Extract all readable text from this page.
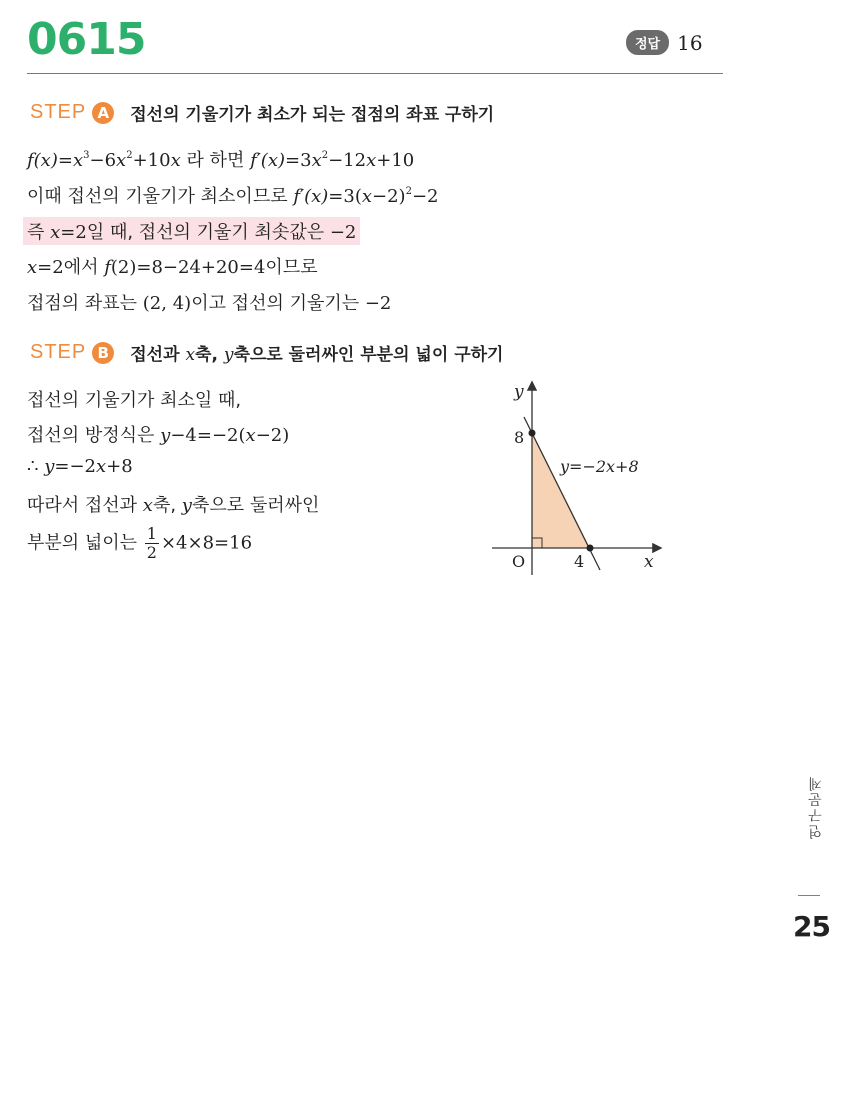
0615	정답 16
STEP A	접선의 기울기가 최소가 되는 접점의 좌표 구하기
$f(x)=x^3-6x^2+10x$ 라 하면 $f'(x)=3x^2-12x+10$
이때 접선의 기울기가 최소이므로 $f'(x)=3(x-2)^2-2$
즉 x=2일 때, 접선의 기울기 최솟값은 −2
x=2에서 f(2)=8−24+20=4이므로
접점의 좌표는 (2, 4)이고 접선의 기울기는 −2
STEP B	접선과 x축, y축으로 둘러싸인 부분의 넓이 구하기
접선의 기울기가 최소일 때,
접선의 방정식은 y−4=−2(x−2)
∴ y=−2x+8
따라서 접선과 x축, y축으로 둘러싸인
부분의 넓이는 $\frac{1}{2} \times 4\times 8=16$
y
x
O
8
4
y=−2x+8
연구문제
25
